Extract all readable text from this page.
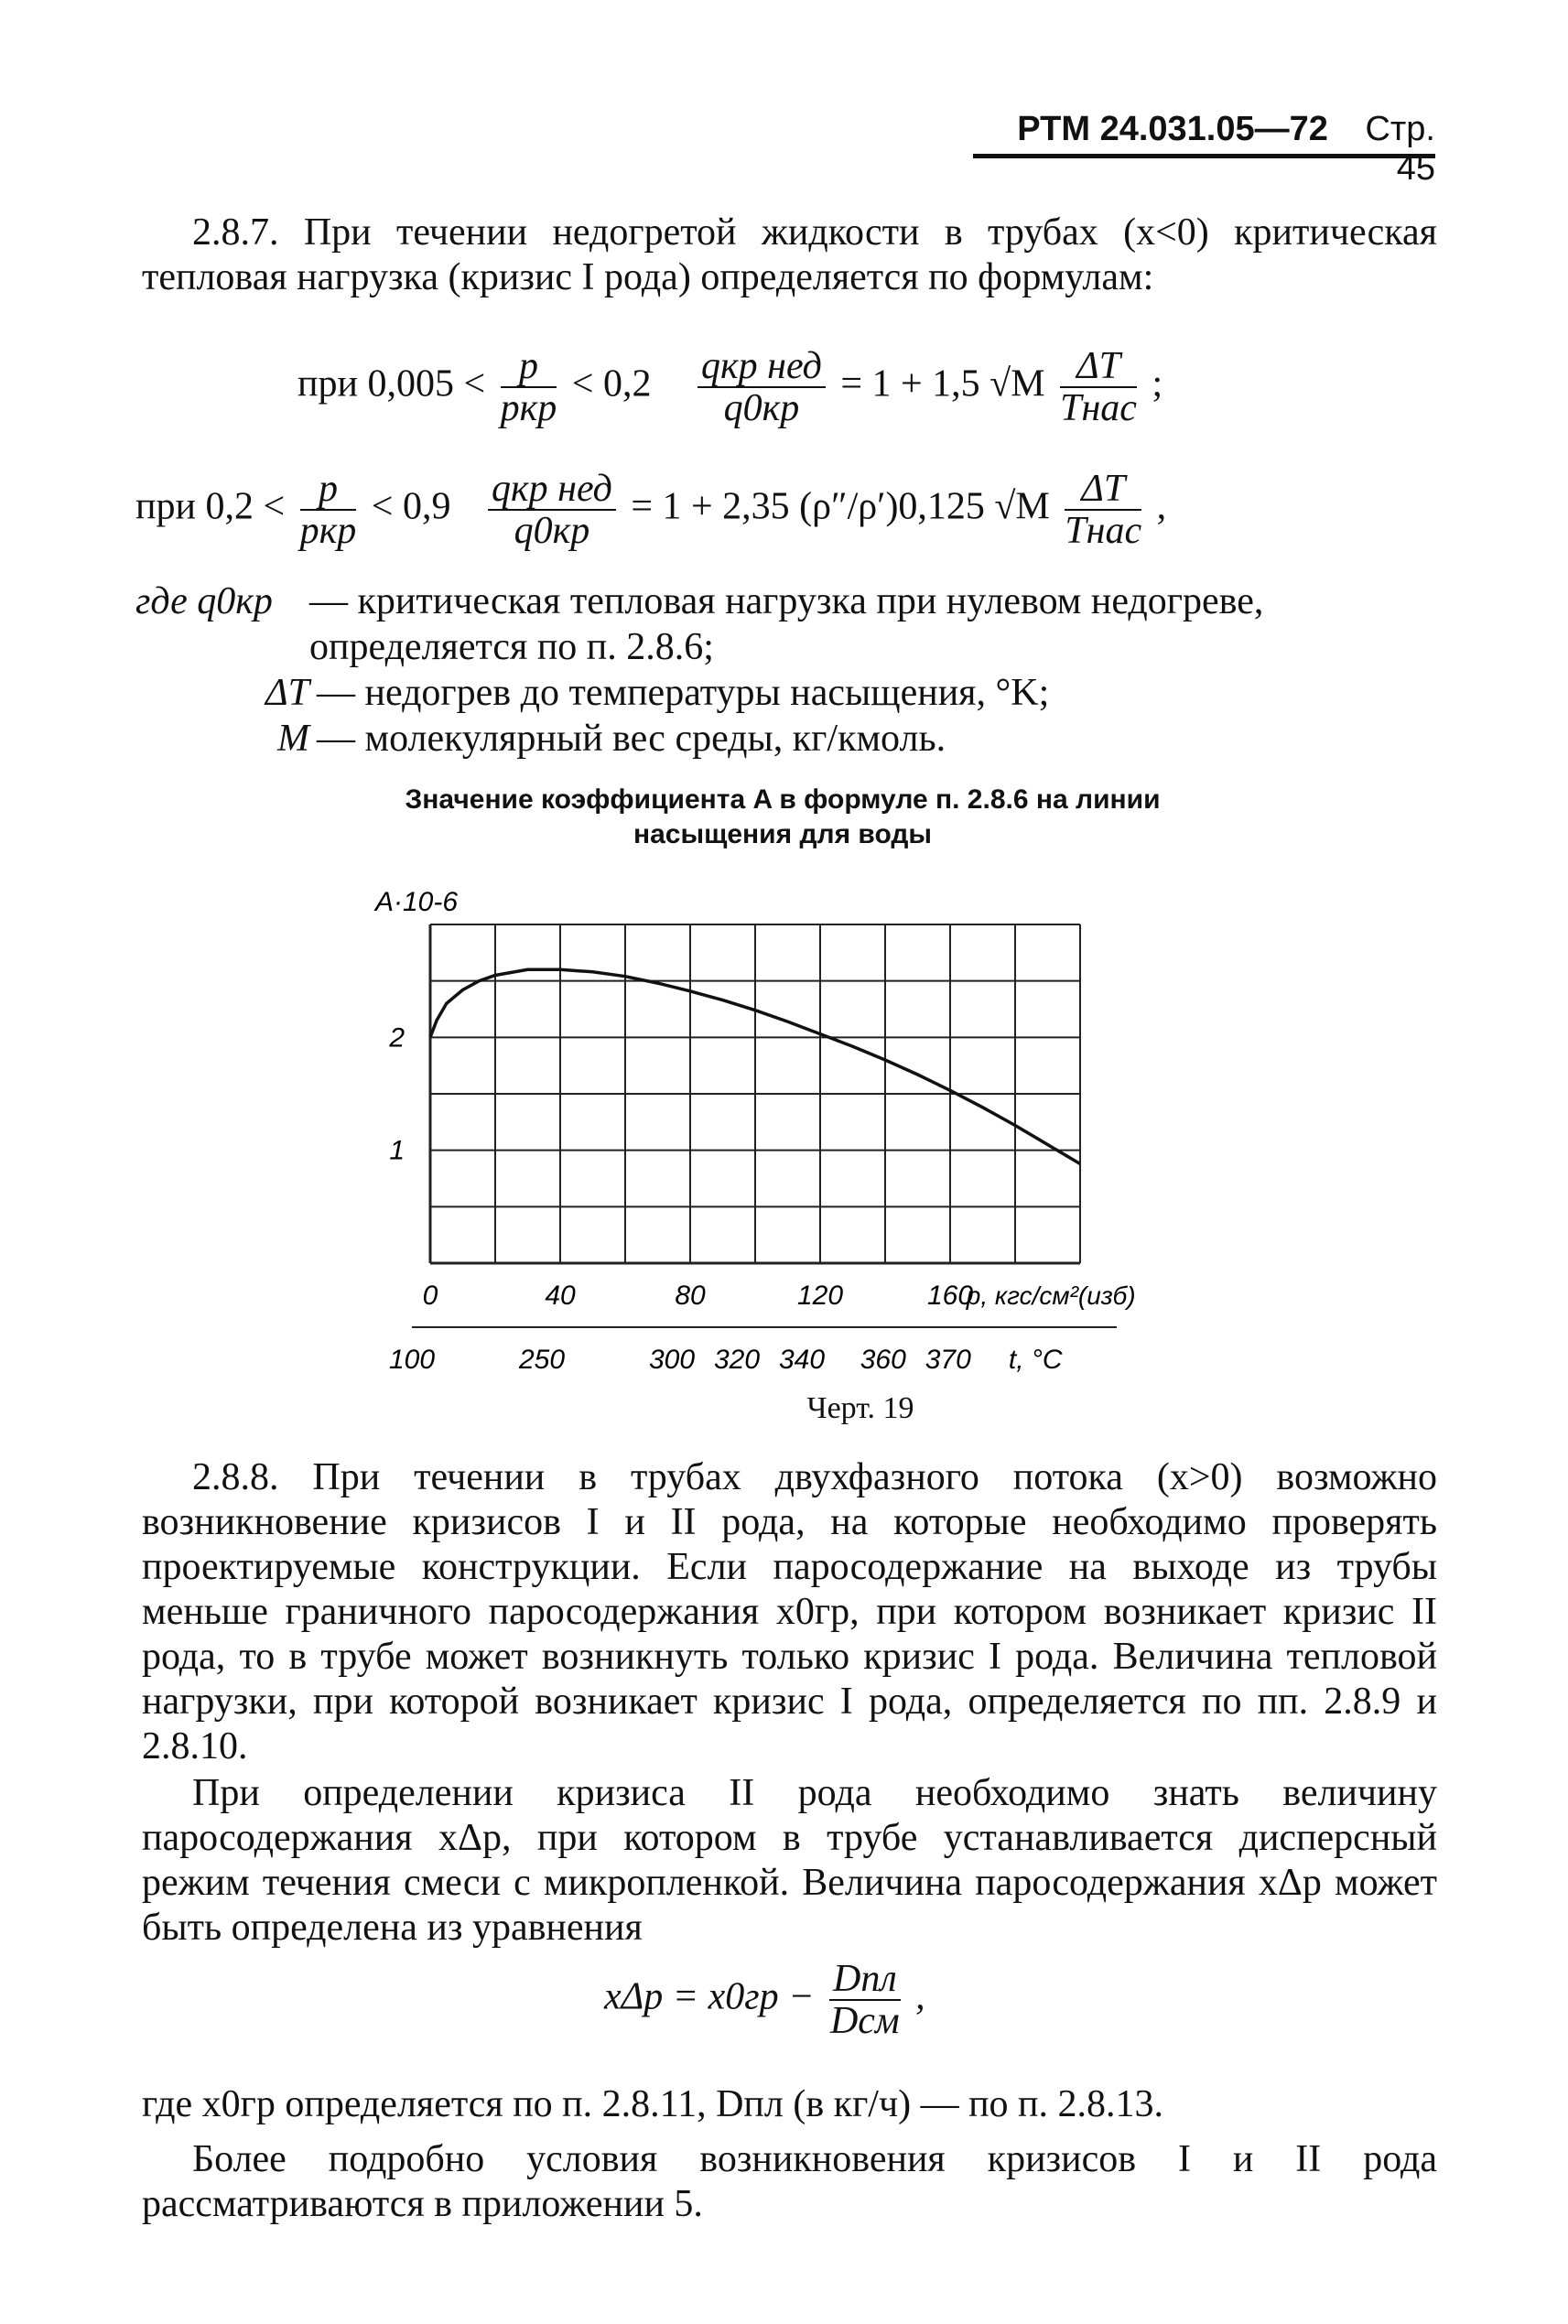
РТМ 24.031.05—72 Стр. 45
2.8.7. При течении недогретой жидкости в трубах (x<0) критическая тепловая нагрузка (кризис I рода) определяется по формулам:
при $0,005 < \frac{p}{\text{pкр}} < 0,2 \frac{\text{qкр нед}}{q0кр} = 1 + 1,5$ $√M \frac{\Delta T}{\text{Tнас}}$ ;
при $0,2 < \frac{p}{\text{pкр}} < 0,9 \frac{\text{qкр нед}}{q0кр} = 1 + 2,35$ (ρ″/ρ′)0,125 $√M \frac{\Delta T}{\text{Tнас}}$ ,
где q0кр — критическая тепловая нагрузка при нулевом недогреве, определяется по п. 2.8.6;
ΔT — недогрев до температуры насыщения, °K;
M — молекулярный вес среды, кг/кмоль.
Значение коэффициента A в формуле п. 2.8.6 на линии насыщения для воды
A·10-6
1
2
0	40	80	120	160
p, кгс/см²(изб)
100	250	300 320 340 360 370 t, °C
Черт. 19
2.8.8. При течении в трубах двухфазного потока (x>0) возможно возникновение кризисов I и II рода, на которые необходимо проверять проектируемые конструкции. Если паросодержание на выходе из трубы меньше граничного паросодержания x0гр, при котором возникает кризис II рода, то в трубе может возникнуть только кризис I рода. Величина тепловой нагрузки, при которой возникает кризис I рода, определяется по пп. 2.8.9 и 2.8.10.
При определении кризиса II рода необходимо знать величину паросодержания xΔр, при котором в трубе устанавливается дисперсный режим течения смеси с микропленкой. Величина паросодержания xΔр может быть определена из уравнения
$x\Delta р = x0гр - \frac{\text{Dпл}}{\text{Dсм}}$ ,
где x0гр определяется по п. 2.8.11, Dпл (в кг/ч) — по п. 2.8.13.
Более подробно условия возникновения кризисов I и II рода рассматриваются в приложении 5.
